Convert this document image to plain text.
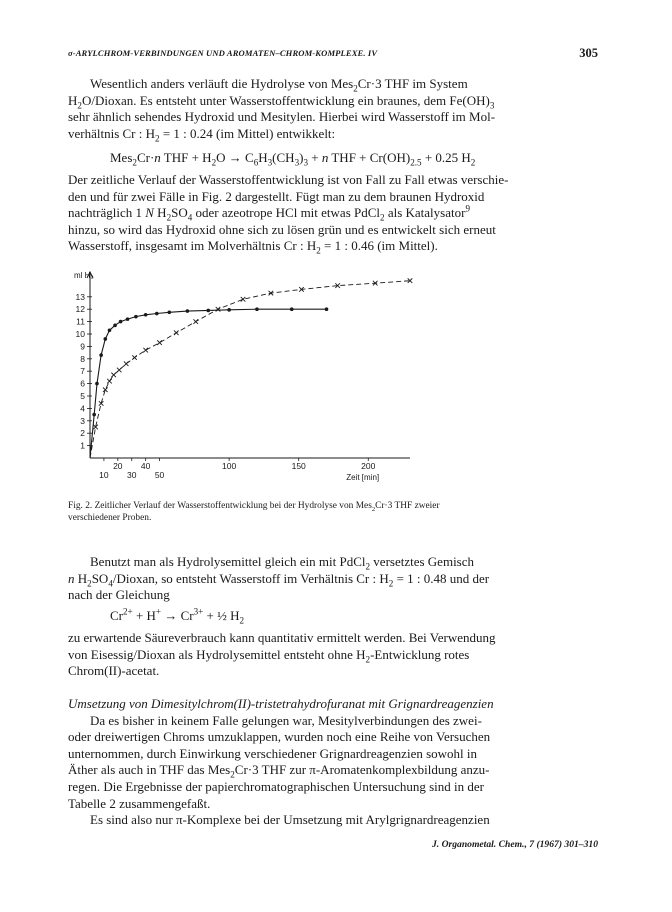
σ-ARYLCHROM-VERBINDUNGEN UND AROMATEN–CHROM-KOMPLEXE. IV	305

Wesentlich anders verläuft die Hydrolyse von Mes$_2$Cr·3 THF im System

$H_2O$/Dioxan. Es entsteht unter Wasserstoffentwicklung ein braunes, dem $Fe(OH)_3$

sehr ähnlich sehendes Hydroxid und Mesitylen. Hierbei wird Wasserstoff im Mol-

verhältnis Cr : $H_2 = 1$ : 0.24 (im Mittel) entwikkelt:

Mes$_2$Cr·n THF + $H_2O \to C_6H_3(CH_3)_3 + n$ THF + $Cr(OH)_{2.5} + 0.25$ $H_2$

Der zeitliche Verlauf der Wasserstoffentwicklung ist von Fall zu Fall etwas verschie-

den und für zwei Fälle in Fig. 2 dargestellt. Fügt man zu dem braunen Hydroxid

nachträglich 1 N $H_2SO_4$ oder azeotrope HCl mit etwas PdCl$_2$ als Katalysator$^9$

hinzu, so wird das Hydroxid ohne sich zu lösen grün und es entwickelt sich erneut

Wasserstoff, insgesamt im Molverhältnis Cr : $H_2 = 1$ : 0.46 (im Mittel).

1
2
3
4
5
6
7
8
9
10
11
12
13
20 40	100	150	200
10 30 50
ml H₂
Zeit [min]
Fig. 2. Zeitlicher Verlauf der Wasserstoffentwicklung bei der Hydrolyse von Mes$_2$Cr·3 THF zweier
verschiedener Proben.

Benutzt man als Hydrolysemittel gleich ein mit PdCl$_2$ versetztes Gemisch

n $H_2SO_4$/Dioxan, so entsteht Wasserstoff im Verhältnis Cr : $H_2 = 1$ : 0.48 und der

nach der Gleichung

$Cr^{2+} + H^+ \to Cr^{3+}$ + ½ $H_2$

zu erwartende Säureverbrauch kann quantitativ ermittelt werden. Bei Verwendung

von Eisessig/Dioxan als Hydrolysemittel entsteht ohne $H_2$-Entwicklung rotes

Chrom(II)-acetat.

Umsetzung von Dimesitylchrom(II)-tristetrahydrofuranat mit Grignardreagenzien

Da es bisher in keinem Falle gelungen war, Mesitylverbindungen des zwei-

oder dreiwertigen Chroms umzuklappen, wurden noch eine Reihe von Versuchen

unternommen, durch Einwirkung verschiedener Grignardreagenzien sowohl in

Äther als auch in THF das Mes$_2$Cr·3 THF zur π-Aromatenkomplexbildung anzu-

regen. Die Ergebnisse der papierchromatographischen Untersuchung sind in der

Tabelle 2 zusammengefaßt.

Es sind also nur π-Komplexe bei der Umsetzung mit Arylgrignardreagenzien

J. Organometal. Chem., 7 (1967) 301–310
